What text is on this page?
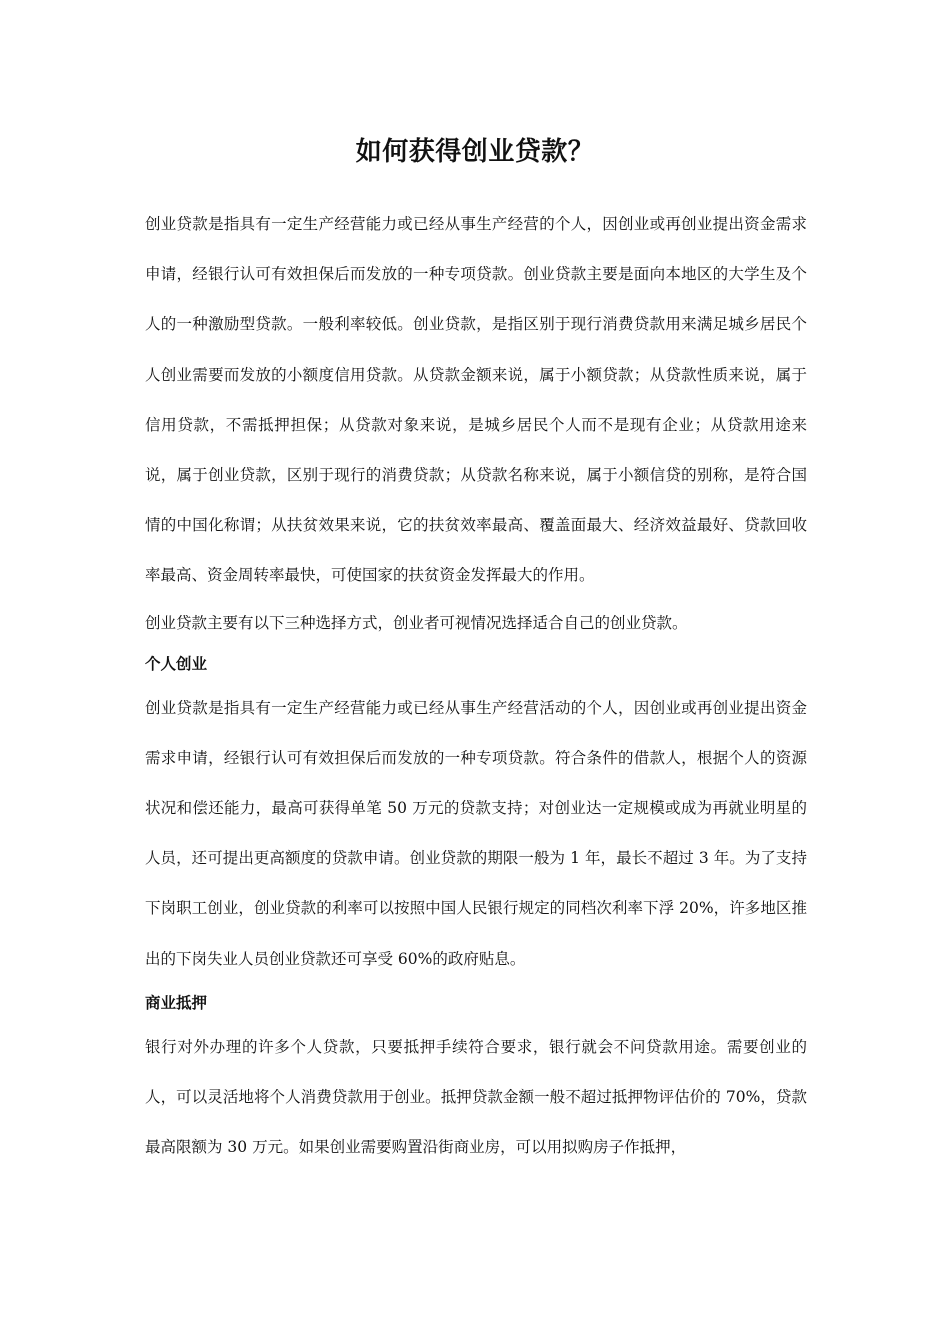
如何获得创业贷款？

创业贷款是指具有一定生产经营能力或已经从事生产经营的个人，因创业或再创业提出资金需求申请，经银行认可有效担保后而发放的一种专项贷款。创业贷款主要是面向本地区的大学生及个人的一种激励型贷款。一般利率较低。创业贷款，是指区别于现行消费贷款用来满足城乡居民个人创业需要而发放的小额度信用贷款。从贷款金额来说，属于小额贷款；从贷款性质来说，属于信用贷款，不需抵押担保；从贷款对象来说，是城乡居民个人而不是现有企业；从贷款用途来说，属于创业贷款，区别于现行的消费贷款；从贷款名称来说，属于小额信贷的别称，是符合国情的中国化称谓；从扶贫效果来说，它的扶贫效率最高、覆盖面最大、经济效益最好、贷款回收率最高、资金周转率最快，可使国家的扶贫资金发挥最大的作用。

创业贷款主要有以下三种选择方式，创业者可视情况选择适合自己的创业贷款。

个人创业

创业贷款是指具有一定生产经营能力或已经从事生产经营活动的个人，因创业或再创业提出资金需求申请，经银行认可有效担保后而发放的一种专项贷款。符合条件的借款人，根据个人的资源状况和偿还能力，最高可获得单笔 50 万元的贷款支持；对创业达一定规模或成为再就业明星的人员，还可提出更高额度的贷款申请。创业贷款的期限一般为 1 年，最长不超过 3 年。为了支持下岗职工创业，创业贷款的利率可以按照中国人民银行规定的同档次利率下浮 20%，许多地区推出的下岗失业人员创业贷款还可享受 60%的政府贴息。

商业抵押

银行对外办理的许多个人贷款，只要抵押手续符合要求，银行就会不问贷款用途。需要创业的人，可以灵活地将个人消费贷款用于创业。抵押贷款金额一般不超过抵押物评估价的 70%，贷款最高限额为 30 万元。如果创业需要购置沿街商业房，可以用拟购房子作抵押，
